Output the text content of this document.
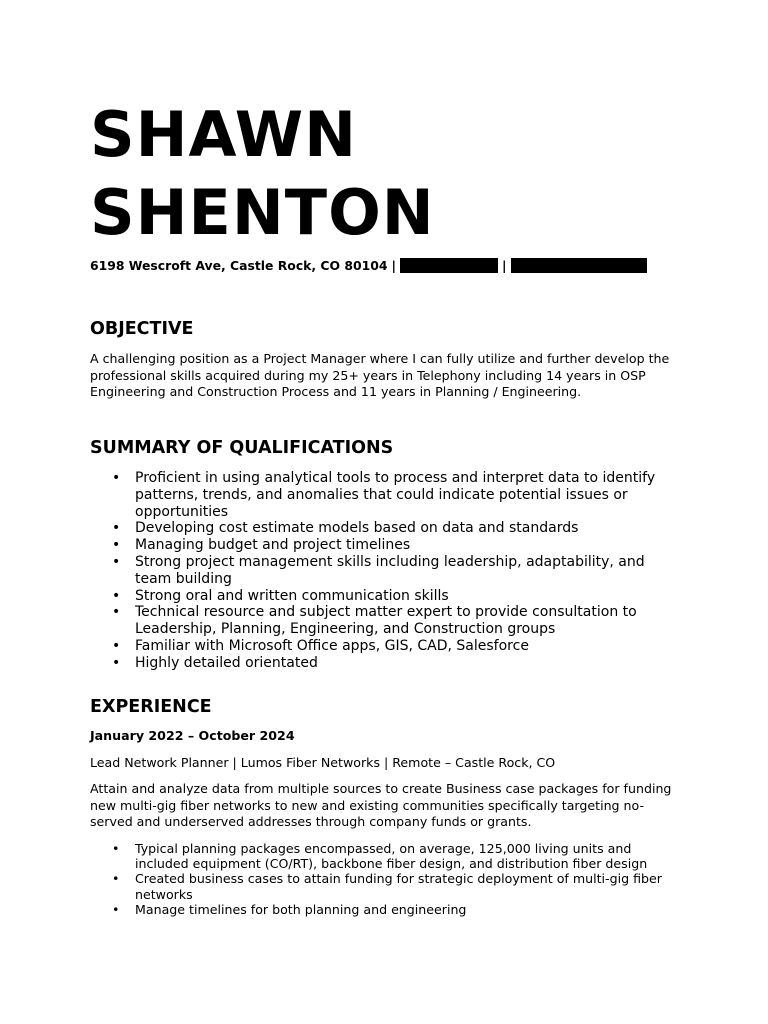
SHAWN
SHENTON
6198 Wescroft Ave, Castle Rock, CO 80104 |	|
OBJECTIVE

A challenging position as a Project Manager where I can fully utilize and further develop the professional skills acquired during my 25+ years in Telephony including 14 years in OSP Engineering and Construction Process and 11 years in Planning / Engineering.

SUMMARY OF QUALIFICATIONS
• Proficient in using analytical tools to process and interpret data to identify patterns, trends, and anomalies that could indicate potential issues or opportunities
• Developing cost estimate models based on data and standards
• Managing budget and project timelines
• Strong project management skills including leadership, adaptability, and team building
• Strong oral and written communication skills
• Technical resource and subject matter expert to provide consultation to Leadership, Planning, Engineering, and Construction groups
• Familiar with Microsoft Office apps, GIS, CAD, Salesforce
• Highly detailed orientated
EXPERIENCE
January 2022 – October 2024
Lead Network Planner | Lumos Fiber Networks | Remote – Castle Rock, CO

Attain and analyze data from multiple sources to create Business case packages for funding new multi-gig fiber networks to new and existing communities specifically targeting no-served and underserved addresses through company funds or grants.

• Typical planning packages encompassed, on average, 125,000 living units and included equipment (CO/RT), backbone fiber design, and distribution fiber design
• Created business cases to attain funding for strategic deployment of multi-gig fiber networks
• Manage timelines for both planning and engineering
